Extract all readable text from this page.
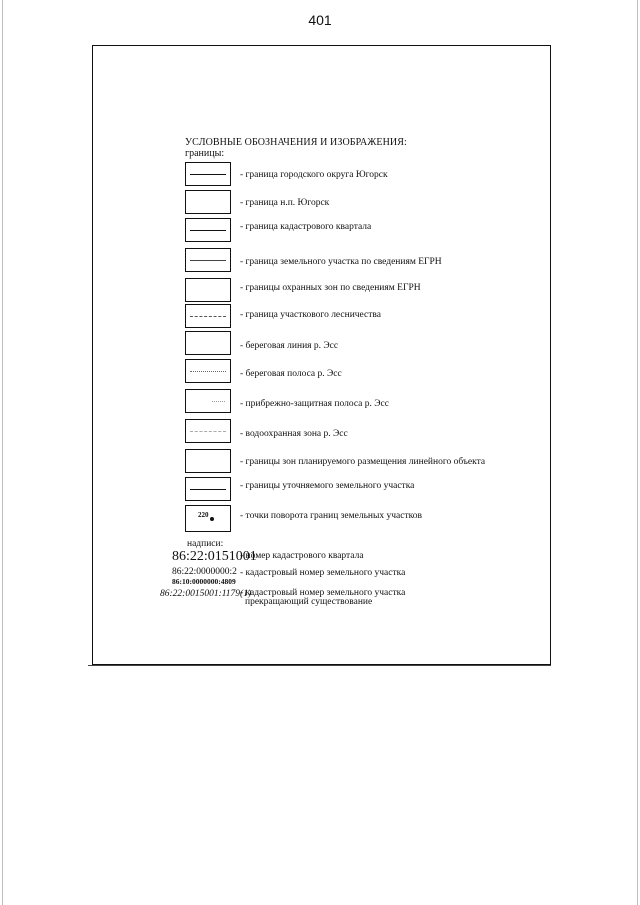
401
УСЛОВНЫЕ ОБОЗНАЧЕНИЯ И ИЗОБРАЖЕНИЯ:
границы:
- граница городского округа Югорск
- граница н.п. Югорск
- граница кадастрового квартала
- граница земельного участка по сведениям ЕГРН
- границы охранных зон по сведениям ЕГРН
- граница участкового лесничества
- береговая линия р. Эсс
- береговая полоса р. Эсс
- прибрежно-защитная полоса р. Эсс
- водоохранная зона р. Эсс
- границы зон планируемого размещения линейного объекта
- границы уточняемого земельного участка
220	- точки поворота границ земельных участков
надписи:
86:22:0151001
- номер кадастрового квартала
86:22:0000000:2
86:10:0000000:4809
- кадастровый номер земельного участка
86:22:0015001:1179(1)
- кадастровый номер земельного участка
прекращающий существование
